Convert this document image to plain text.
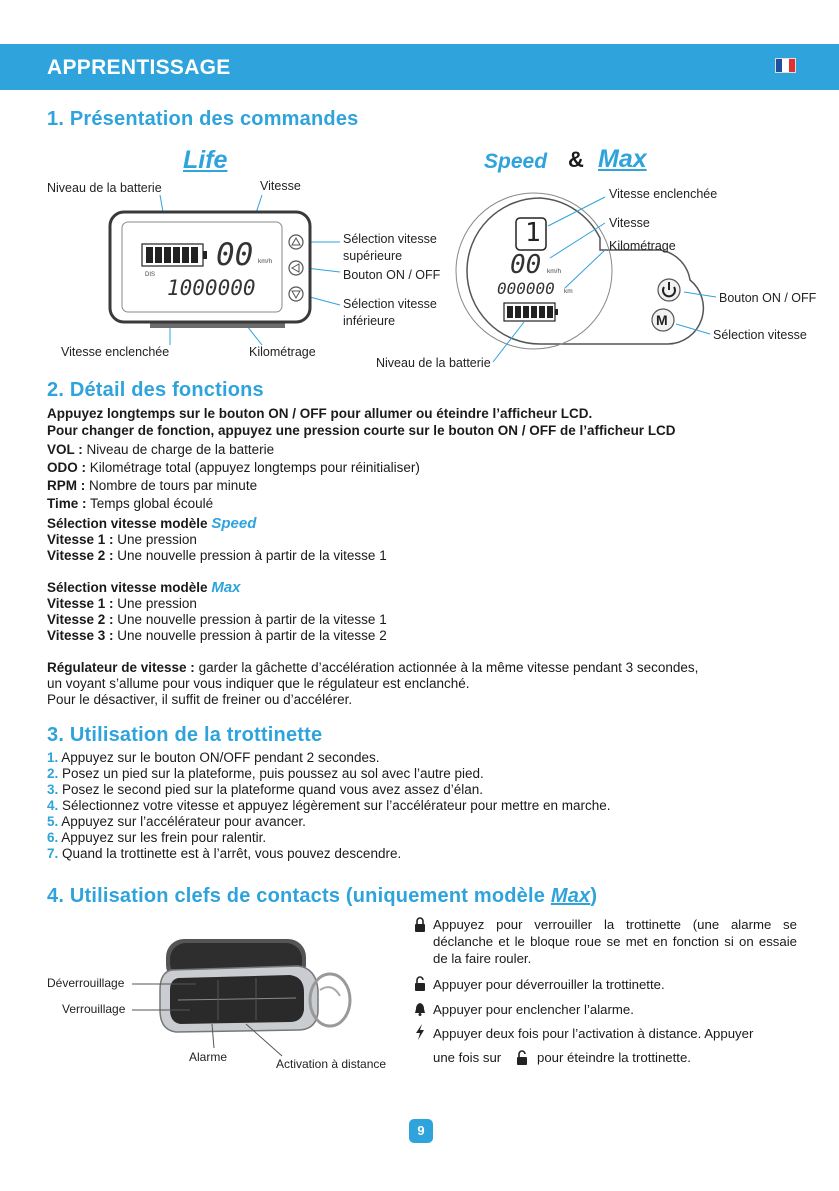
APPRENTISSAGE
1. Présentation des commandes
Life
00 km/h
DIS
1000000
Niveau de la batterie	Vitesse
Sélection vitesse
supérieure
Bouton ON / OFF
Sélection vitesse
inférieure
Vitesse enclenchée	Kilométrage
Speed & Max
1
00 km/h
000000 km
M
Vitesse enclenchée
Vitesse
Kilométrage
Bouton ON / OFF
Sélection vitesse
Niveau de la batterie
2. Détail des fonctions
Appuyez longtemps sur le bouton ON / OFF pour allumer ou éteindre l’afficheur LCD.
Pour changer de fonction, appuyez une pression courte sur le bouton ON / OFF de l’afficheur LCD
VOL : Niveau de charge de la batterie
ODO : Kilométrage total (appuyez longtemps pour réinitialiser)
RPM : Nombre de tours par minute
Time : Temps global écoulé
Sélection vitesse modèle Speed
Vitesse 1 : Une pression
Vitesse 2 : Une nouvelle pression à partir de la vitesse 1
Sélection vitesse modèle Max
Vitesse 1 : Une pression
Vitesse 2 : Une nouvelle pression à partir de la vitesse 1
Vitesse 3 : Une nouvelle pression à partir de la vitesse 2
Régulateur de vitesse : garder la gâchette d’accélération actionnée à la même vitesse pendant 3 secondes,
un voyant s’allume pour vous indiquer que le régulateur est enclanché.
Pour le désactiver, il suffit de freiner ou d’accélérer.
3. Utilisation de la trottinette
1. Appuyez sur le bouton ON/OFF pendant 2 secondes.
2. Posez un pied sur la plateforme, puis poussez au sol avec l’autre pied.
3. Posez le second pied sur la plateforme quand vous avez assez d’élan.
4. Sélectionnez votre vitesse et appuyez légèrement sur l’accélérateur pour mettre en marche.
5. Appuyez sur l’accélérateur pour avancer.
6. Appuyez sur les frein pour ralentir.
7. Quand la trottinette est à l’arrêt, vous pouvez descendre.
4. Utilisation clefs de contacts (uniquement modèle Max)
Déverrouillage
Verrouillage
Alarme	Activation à distance
Appuyez pour verrouiller la trottinette (une alarme se déclanche et le bloque roue se met en fonction si on essaie de la faire rouler.
Appuyer pour déverrouiller la trottinette.
Appuyer pour enclencher l’alarme.
Appuyer deux fois pour l’activation à distance. Appuyer
une fois sur	pour éteindre la trottinette.
9
